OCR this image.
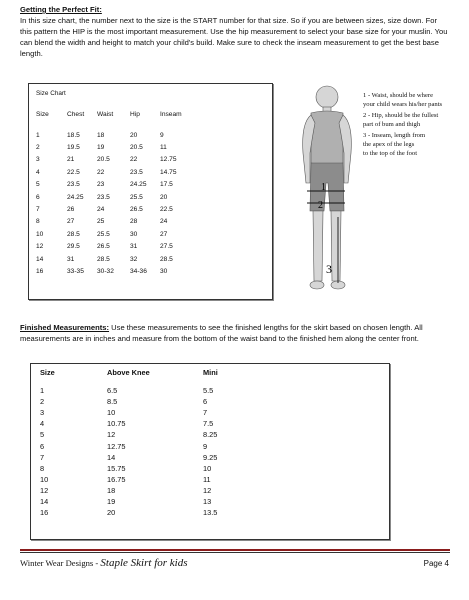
Getting the Perfect Fit:

In this size chart, the number next to the size is the START number for that size. So if you are between sizes, size down. For this pattern the HIP is the most important measurement. Use the hip measurement to select your base size for your muslin. You can blend the width and height to match your child's build. Make sure to check the inseam measurement to get the best base length.

Size Chart
Size	Chest	Waist	Hip	Inseam
1	18.5	18	20	9
2	19.5	19	20.5	11
3	21	20.5	22	12.75
4	22.5	22	23.5	14.75
5	23.5	23	24.25	17.5
6	24.25	23.5	25.5	20
7	26	24	26.5	22.5
8	27	25	28	24
10	28.5	25.5	30	27
12	29.5	26.5	31	27.5
14	31	28.5	32	28.5
16	33-35	30-32	34-36	30
1
2
3
1 - Waist, should be where
your child wears his/her pants
2 - Hip, should be the fullest
part of bum and thigh
3 - Inseam, length from
the apex of the legs
to the top of the foot
Finished Measurements: Use these measurements to see the finished lengths for the skirt based on chosen length. All measurements are in inches and measure from the bottom of the waist band to the finished hem along the center front.
Size	Above Knee	Mini
1	6.5	5.5
2	8.5	6
3	10	7
4	10.75	7.5
5	12	8.25
6	12.75	9
7	14	9.25
8	15.75	10
10	16.75	11
12	18	12
14	19	13
16	20	13.5
Winter Wear Designs - Staple Skirt for kids	Page 4
